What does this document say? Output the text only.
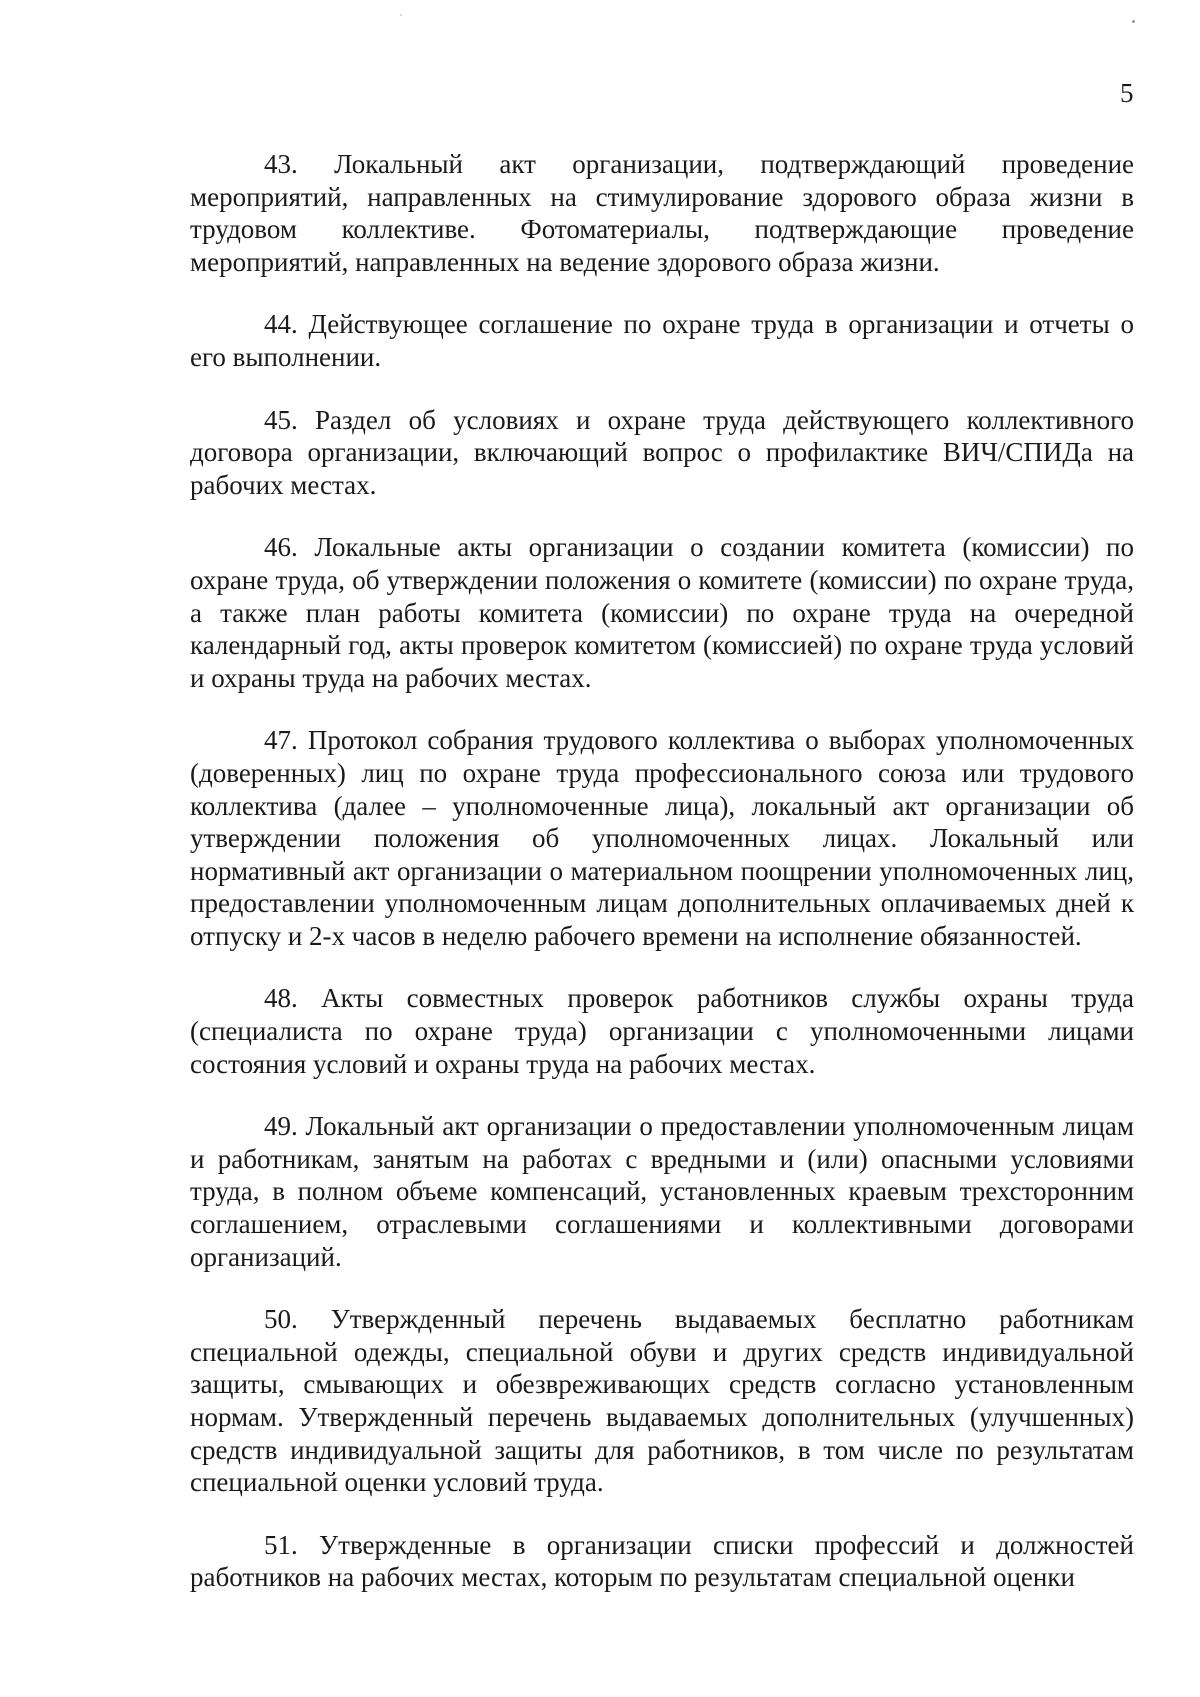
5

43. Локальный акт организации, подтверждающий проведение мероприятий, направленных на стимулирование здорового образа жизни в трудовом коллективе. Фотоматериалы, подтверждающие проведение мероприятий, направленных на ведение здорового образа жизни.

44. Действующее соглашение по охране труда в организации и отчеты о его выполнении.

45. Раздел об условиях и охране труда действующего коллективного договора организации, включающий вопрос о профилактике ВИЧ/СПИДа на рабочих местах.

46. Локальные акты организации о создании комитета (комиссии) по охране труда, об утверждении положения о комитете (комиссии) по охране труда, а также план работы комитета (комиссии) по охране труда на очередной календарный год, акты проверок комитетом (комиссией) по охране труда условий и охраны труда на рабочих местах.

47. Протокол собрания трудового коллектива о выборах уполномоченных (доверенных) лиц по охране труда профессионального союза или трудового коллектива (далее – уполномоченные лица), локальный акт организации об утверждении положения об уполномоченных лицах. Локальный или нормативный акт организации о материальном поощрении уполномоченных лиц, предоставлении уполномоченным лицам дополнительных оплачиваемых дней к отпуску и 2-х часов в неделю рабочего времени на исполнение обязанностей.

48. Акты совместных проверок работников службы охраны труда (специалиста по охране труда) организации с уполномоченными лицами состояния условий и охраны труда на рабочих местах.

49. Локальный акт организации о предоставлении уполномоченным лицам и работникам, занятым на работах с вредными и (или) опасными условиями труда, в полном объеме компенсаций, установленных краевым трехсторонним соглашением, отраслевыми соглашениями и коллективными договорами организаций.

50. Утвержденный перечень выдаваемых бесплатно работникам специальной одежды, специальной обуви и других средств индивидуальной защиты, смывающих и обезвреживающих средств согласно установленным нормам. Утвержденный перечень выдаваемых дополнительных (улучшенных) средств индивидуальной защиты для работников, в том числе по результатам специальной оценки условий труда.

51. Утвержденные в организации списки профессий и должностей работников на рабочих местах, которым по результатам специальной оценки
